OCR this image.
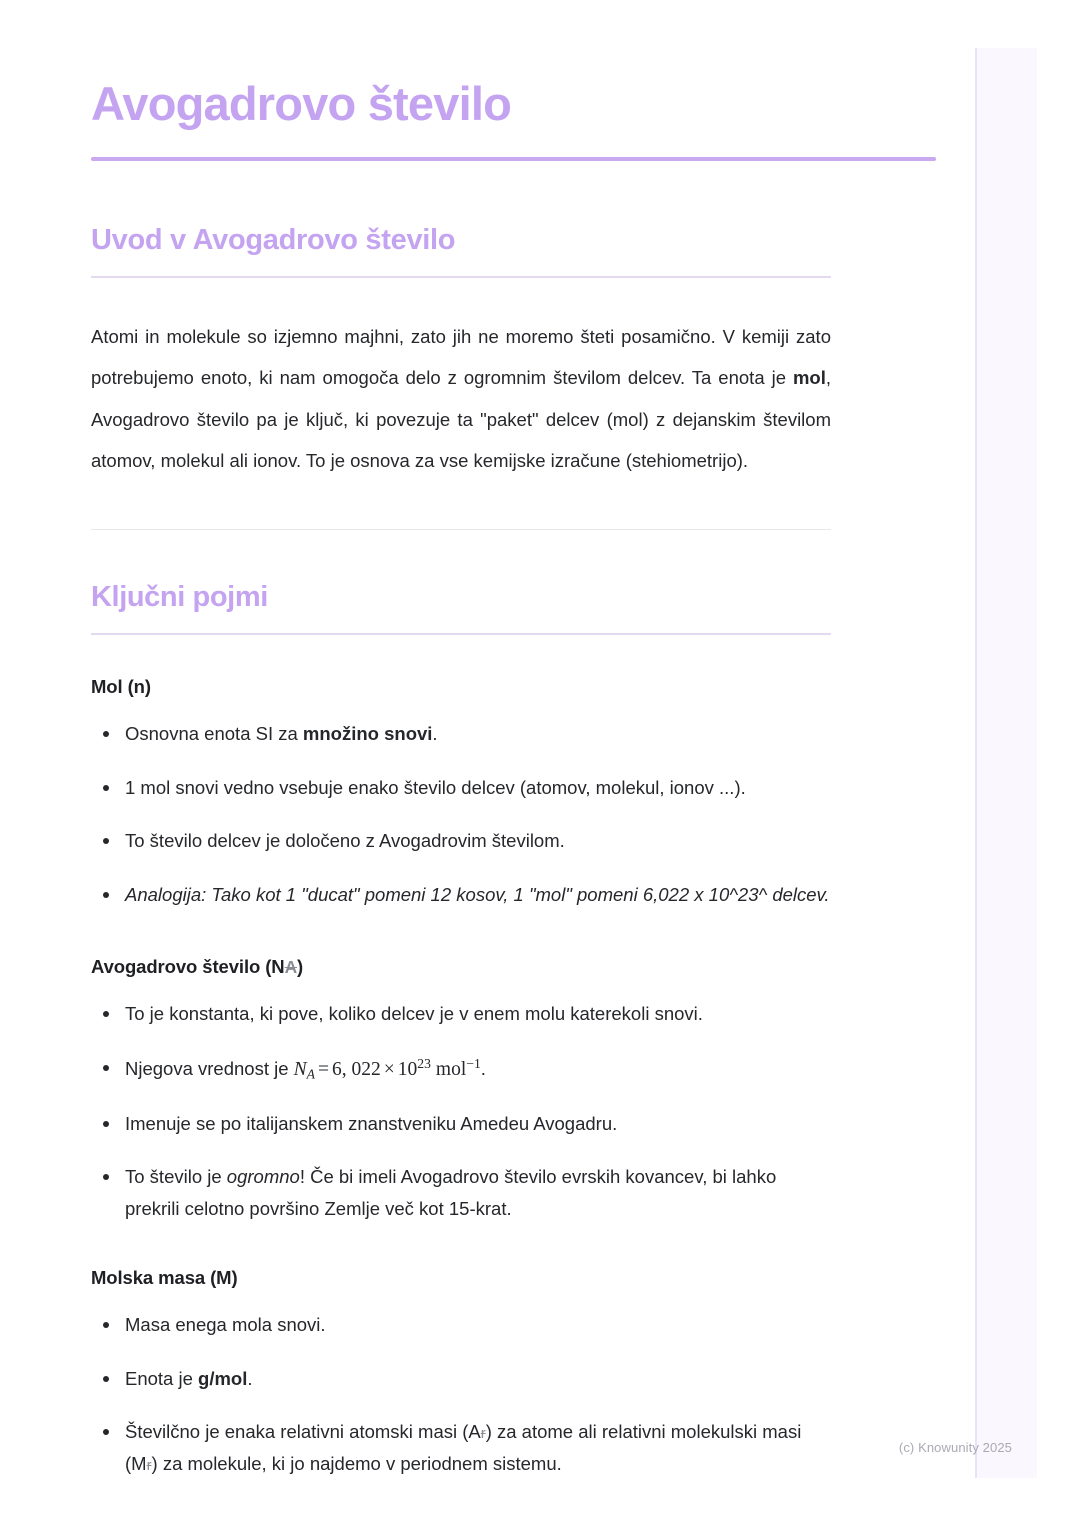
Avogadrovo število
Uvod v Avogadrovo število

Atomi in molekule so izjemno majhni, zato jih ne moremo šteti posamično. V kemiji zato potrebujemo enoto, ki nam omogoča delo z ogromnim številom delcev. Ta enota je mol, Avogadrovo število pa je ključ, ki povezuje ta "paket" delcev (mol) z dejanskim številom atomov, molekul ali ionov. To je osnova za vse kemijske izračune (stehiometrijo).

Ključni pojmi
Mol (n)
Osnovna enota SI za množino snovi.
1 mol snovi vedno vsebuje enako število delcev (atomov, molekul, ionov ...).
To število delcev je določeno z Avogadrovim številom.
Analogija: Tako kot 1 "ducat" pomeni 12 kosov, 1 "mol" pomeni 6,022 x 10^23^ delcev.
Avogadrovo število (NA)
To je konstanta, ki pove, koliko delcev je v enem molu katerekoli snovi.
Njegova vrednost je NA = 6, $022 \times 10^{23}$ mol$^{-1}$.
Imenuje se po italijanskem znanstveniku Amedeu Avogadru.
To število je ogromno! Če bi imeli Avogadrovo število evrskih kovancev, bi lahko prekrili celotno površino Zemlje več kot 15-krat.
Molska masa (M)
Masa enega mola snovi.
Enota je g/mol.
Številčno je enaka relativni atomski masi (Ar) za atome ali relativni molekulski masi (Mr) za molekule, ki jo najdemo v periodnem sistemu.
(c) Knowunity 2025
